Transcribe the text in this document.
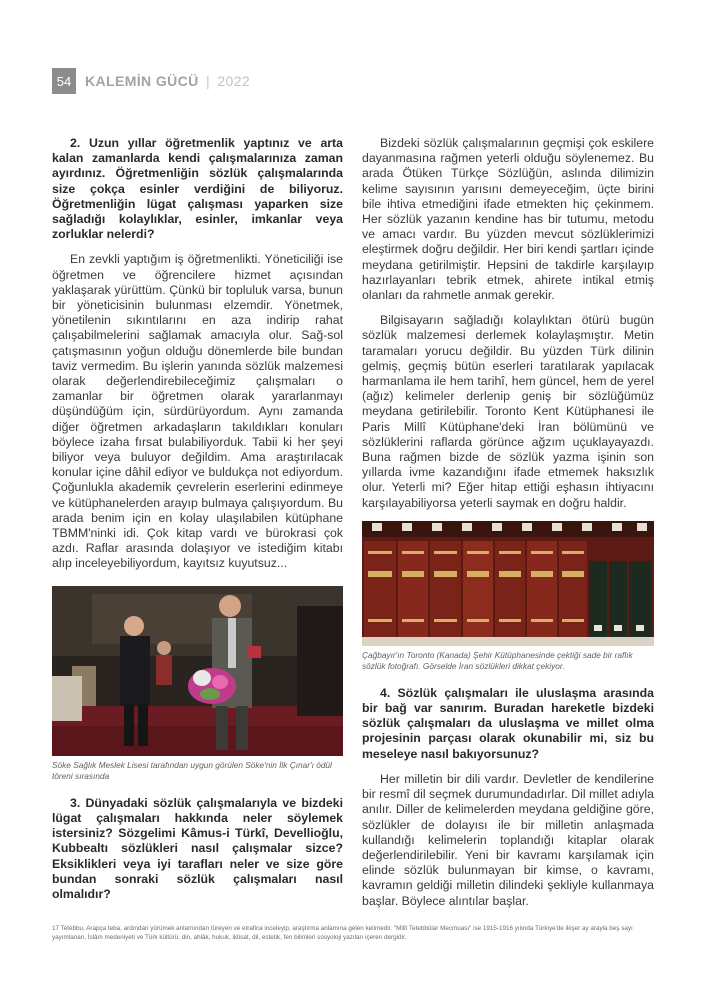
54 KALEMİN GÜCÜ | 2022

2. Uzun yıllar öğretmenlik yaptınız ve arta kalan zamanlarda kendi çalışmalarınıza zaman ayırdınız. Öğretmenliğin sözlük çalışmalarında size çokça esinler verdiğini de biliyoruz. Öğretmenliğin lügat çalışması yaparken size sağladığı kolaylıklar, esinler, imkanlar veya zorluklar nelerdi?

En zevkli yaptığım iş öğretmenlikti. Yöneticiliği ise öğretmen ve öğrencilere hizmet açısından yaklaşarak yürüttüm. Çünkü bir topluluk varsa, bunun bir yöneticisinin bulunması elzemdir. Yönetmek, yönetilenin sıkıntılarını en aza indirip rahat çalışabilmelerini sağlamak amacıyla olur. Sağ-sol çatışmasının yoğun olduğu dönemlerde bile bundan taviz vermedim. Bu işlerin yanında sözlük malzemesi olarak değerlendirebileceğimiz çalışmaları o zamanlar bir öğretmen olarak yararlanmayı düşündüğüm için, sürdürüyordum. Aynı zamanda diğer öğretmen arkadaşların takıldıkları konuları böylece izaha fırsat bulabiliyorduk. Tabii ki her şeyi biliyor veya buluyor değildim. Ama araştırılacak konular içine dâhil ediyor ve buldukça not ediyordum. Çoğunlukla akademik çevrelerin eserlerini edinmeye ve kütüphanelerden arayıp bulmaya çalışıyordum. Bu arada benim için en kolay ulaşılabilen kütüphane TBMM'ninki idi. Çok kitap vardı ve bürokrasi çok azdı. Raflar arasında dolaşıyor ve istediğim kitabı alıp inceleyebiliyordum, kayıtsız kuyutsuz...

Söke Sağlık Meslek Lisesi tarafından uygun görülen Söke'nin İlk Çınar'ı ödül töreni sırasında

3. Dünyadaki sözlük çalışmalarıyla ve bizdeki lügat çalışmaları hakkında neler söylemek istersiniz? Sözgelimi Kâmus-i Türkî, Devellioğlu, Kubbealtı sözlükleri nasıl çalışmalar sizce? Eksiklikleri veya iyi tarafları neler ve size göre bundan sonraki sözlük çalışmaları nasıl olmalıdır?

Bizdeki sözlük çalışmalarının geçmişi çok eskilere dayanmasına rağmen yeterli olduğu söylenemez. Bu arada Ötüken Türkçe Sözlüğün, aslında dilimizin kelime sayısının yarısını demeyeceğim, üçte birini bile ihtiva etmediğini ifade etmekten hiç çekinmem. Her sözlük yazanın kendine has bir tutumu, metodu ve amacı vardır. Bu yüzden mevcut sözlüklerimizi eleştirmek doğru değildir. Her biri kendi şartları içinde meydana getirilmiştir. Hepsini de takdirle karşılayıp hazırlayanları tebrik etmek, ahirete intikal etmiş olanları da rahmetle anmak gerekir.

Bilgisayarın sağladığı kolaylıktan ötürü bugün sözlük malzemesi derlemek kolaylaşmıştır. Metin taramaları yorucu değildir. Bu yüzden Türk dilinin gelmiş, geçmiş bütün eserleri taratılarak yapılacak harmanlama ile hem tarihî, hem güncel, hem de yerel (ağız) kelimeler derlenip geniş bir sözlüğümüz meydana getirilebilir. Toronto Kent Kütüphanesi ile Paris Millî Kütüphane'deki İran bölümünü ve sözlüklerini raflarda görünce ağzım uçuklayayazdı. Buna rağmen bizde de sözlük yazma işinin son yıllarda ivme kazandığını ifade etmemek haksızlık olur. Yeterli mi? Eğer hitap ettiği eşhasın ihtiyacını karşılayabiliyorsa yeterli saymak en doğru haldir.

Çağbayır'ın Toronto (Kanada) Şehir Kütüphanesinde çektiği sade bir raflık sözlük fotoğrafı. Görselde İran sözlükleri dikkat çekiyor.

4. Sözlük çalışmaları ile uluslaşma arasında bir bağ var sanırım. Buradan hareketle bizdeki sözlük çalışmaları da uluslaşma ve millet olma projesinin parçası olarak okunabilir mi, siz bu meseleye nasıl bakıyorsunuz?

Her milletin bir dili vardır. Devletler de kendilerine bir resmî dil seçmek durumundadırlar. Dil millet adıyla anılır. Diller de kelimelerden meydana geldiğine göre, sözlükler de dolayısı ile bir milletin anlaşmada kullandığı kelimelerin toplandığı kitaplar olarak değerlendirilebilir. Yeni bir kavramı karşılamak için elinde sözlük bulunmayan bir kimse, o kavramı, kavramın geldiği milletin dilindeki şekliyle kullanmaya başlar. Böylece alıntılar başlar.

17 Tetebbu, Arapça teba, ardından yürümek anlamından türeyen ve etrafica inceleyip, araştırma anlamına gelen kelimedir. "Millî Tetebbûlar Mecmuası" ise 1915-1916 yılında Türkiye'de ikişer ay arayla beş sayı yayımlanan, İslâm medeniyeti ve Türk kültürü, din, ahlâk, hukuk, iktisat, dil, estetik, fen bilimleri sosyoloji yazıları içeren dergidir.
